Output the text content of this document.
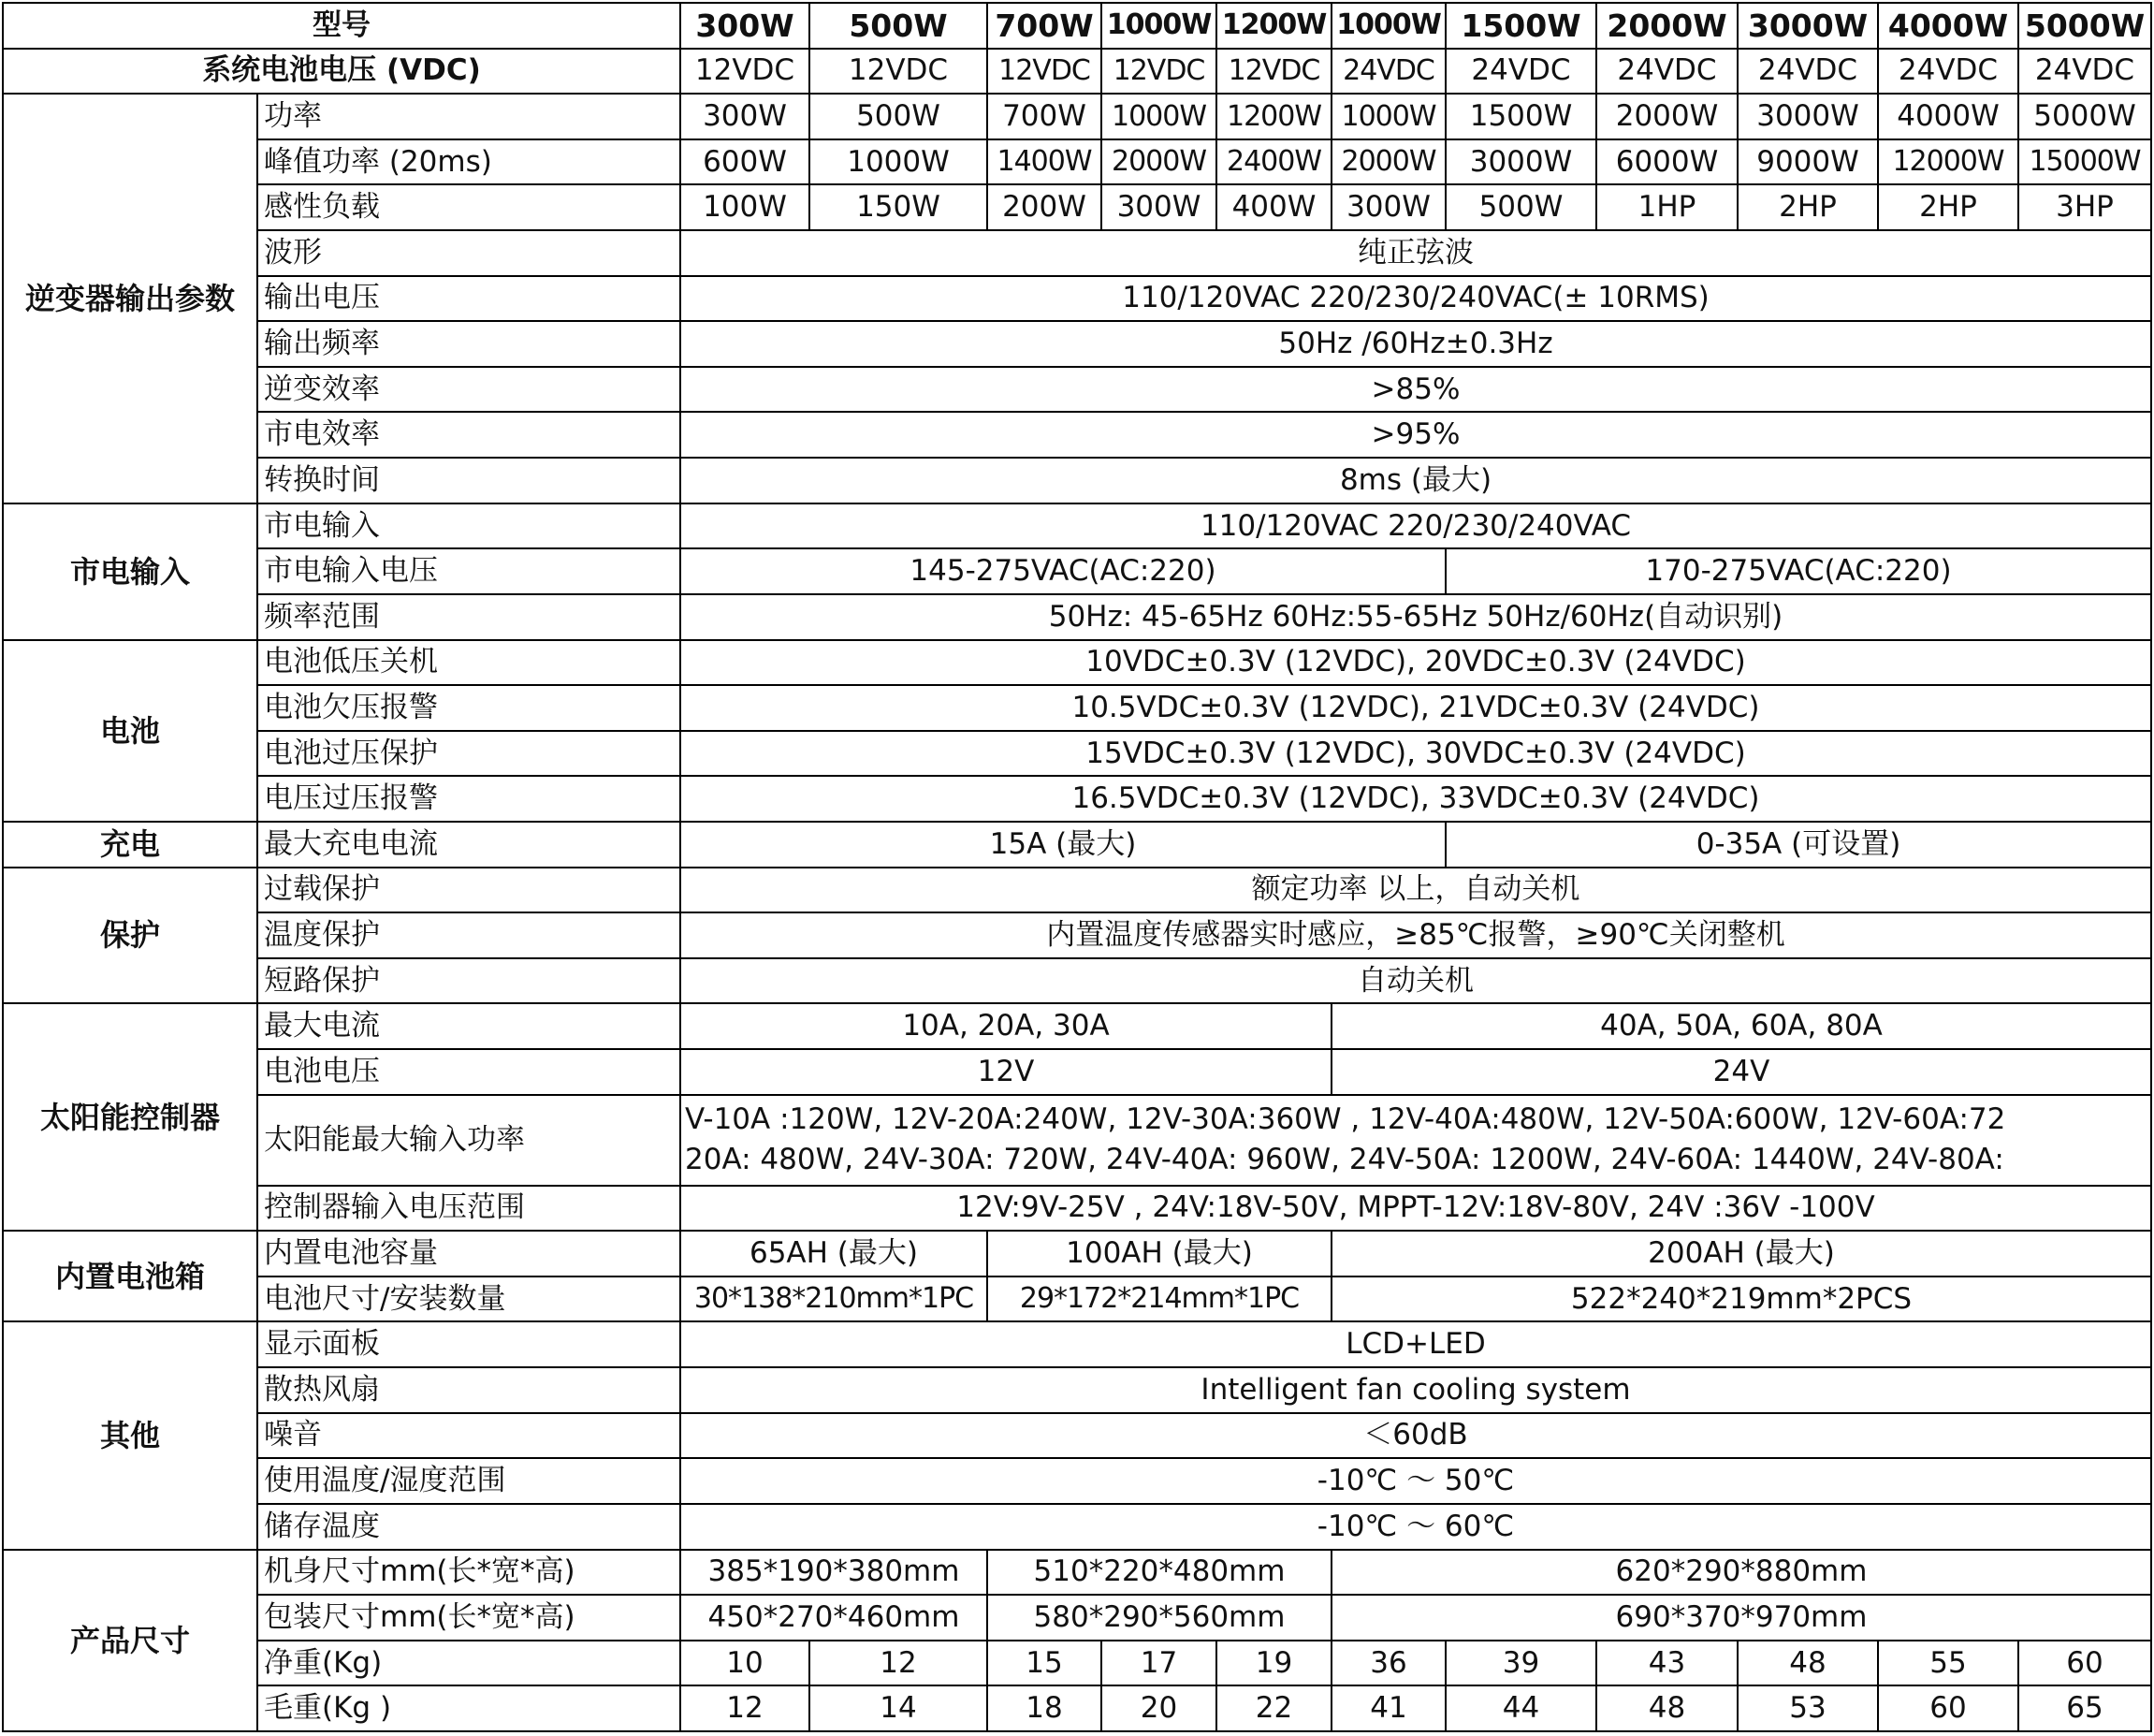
型号		300W	500W	700W	1000W	1200W	1000W	1500W	2000W	3000W	4000W	5000W
系统电池电压 (VDC)		12VDC	12VDC	12VDC	12VDC	12VDC	24VDC	24VDC	24VDC	24VDC	24VDC	24VDC
逆变器输出参数	功率	300W	500W	700W	1000W	1200W	1000W	1500W	2000W	3000W	4000W	5000W
	峰值功率 (20ms)	600W	1000W	1400W	2000W	2400W	2000W	3000W	6000W	9000W	12000W	15000W
	感性负载	100W	150W	200W	300W	400W	300W	500W	1HP	2HP	2HP	3HP
	波形	纯正弦波										
	输出电压	110/120VAC 220/230/240VAC(± 10RMS)										
	输出频率	50Hz /60Hz±0.3Hz										
	逆变效率	>85%										
	市电效率	>95%										
	转换时间	8ms (最大)										
市电输入	市电输入	110/120VAC 220/230/240VAC										
	市电输入电压	145-275VAC(AC:220)						170-275VAC(AC:220)				
	频率范围	50Hz: 45-65Hz 60Hz:55-65Hz 50Hz/60Hz(自动识别)										
电池	电池低压关机	10VDC±0.3V (12VDC), 20VDC±0.3V (24VDC)										
	电池欠压报警	10.5VDC±0.3V (12VDC), 21VDC±0.3V (24VDC)										
	电池过压保护	15VDC±0.3V (12VDC), 30VDC±0.3V (24VDC)										
	电压过压报警	16.5VDC±0.3V (12VDC), 33VDC±0.3V (24VDC)										
充电	最大充电电流	15A (最大)						0-35A (可设置)				
保护	过载保护	额定功率 以上，自动关机										
	温度保护	内置温度传感器实时感应，≥85℃报警，≥90℃关闭整机										
	短路保护	自动关机										
太阳能控制器	最大电流	10A, 20A, 30A					40A, 50A, 60A, 80A					
	电池电压	12V					24V					
	太阳能最大输入功率	V-10A :120W, 12V-20A:240W, 12V-30A:360W , 12V-40A:480W, 12V-50A:600W, 12V-60A:72
20A: 480W, 24V-30A: 720W, 24V-40A: 960W, 24V-50A: 1200W, 24V-60A: 1440W, 24V-80A:										

	控制器输入电压范围	12V:9V-25V , 24V:18V-50V, MPPT-12V:18V-80V, 24V :36V -100V										
内置电池箱	内置电池容量	65AH (最大)		100AH (最大)			200AH (最大)					
	电池尺寸/安装数量	30*138*210mm*1PC		29*172*214mm*1PC			522*240*219mm*2PCS					
其他	显示面板	LCD+LED										
	散热风扇	Intelligent fan cooling system										
	噪音	＜60dB										
	使用温度/湿度范围	-10℃ ～ 50℃										
	储存温度	-10℃ ～ 60℃										
产品尺寸	机身尺寸mm(长*宽*高)	385*190*380mm		510*220*480mm			620*290*880mm					
	包装尺寸mm(长*宽*高)	450*270*460mm		580*290*560mm			690*370*970mm					
	净重(Kg)	10	12	15	17	19	36	39	43	48	55	60
	毛重(Kg )	12	14	18	20	22	41	44	48	53	60	65
